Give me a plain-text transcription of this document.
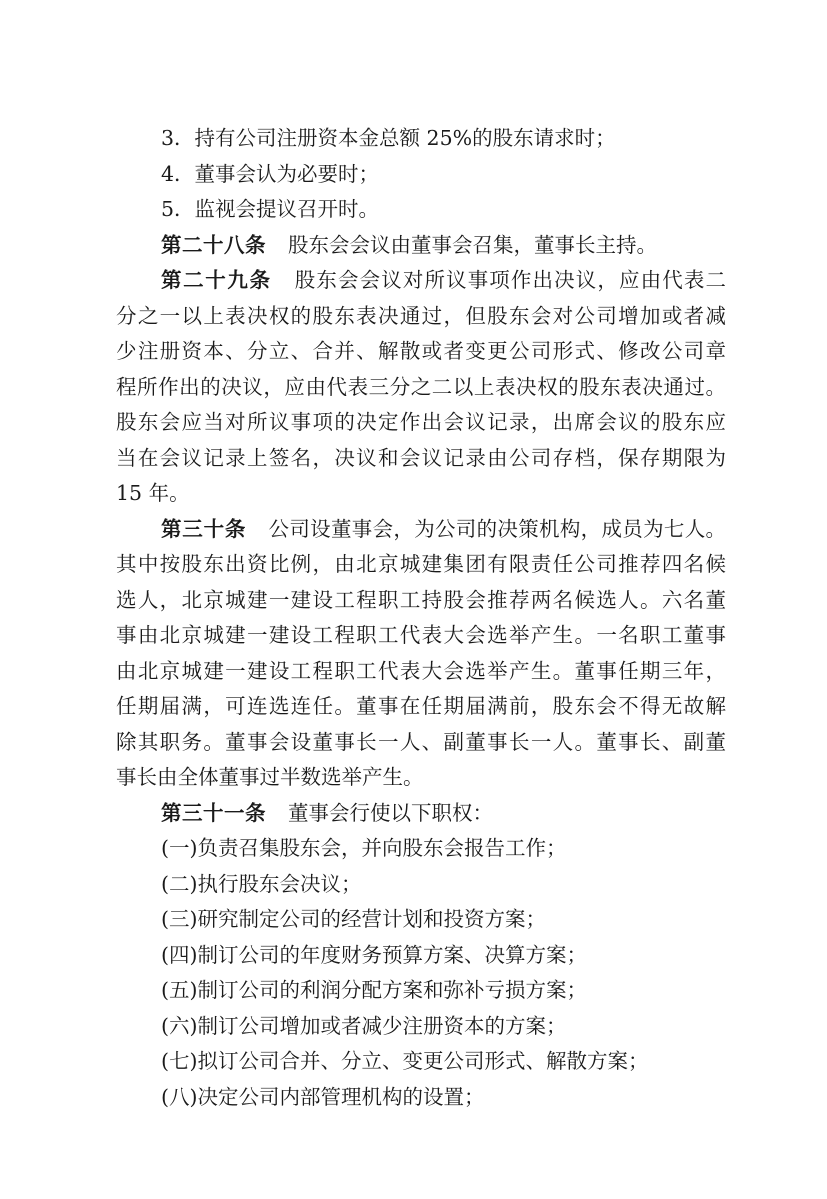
3．持有公司注册资本金总额 25%的股东请求时；
4．董事会认为必要时；
5．监视会提议召开时。
第二十八条 股东会会议由董事会召集，董事长主持。
第二十九条 股东会会议对所议事项作出决议，应由代表二
分之一以上表决权的股东表决通过，但股东会对公司增加或者减
少注册资本、分立、合并、解散或者变更公司形式、修改公司章
程所作出的决议，应由代表三分之二以上表决权的股东表决通过。
股东会应当对所议事项的决定作出会议记录，出席会议的股东应
当在会议记录上签名，决议和会议记录由公司存档，保存期限为
15 年。
第三十条 公司设董事会，为公司的决策机构，成员为七人。
其中按股东出资比例，由北京城建集团有限责任公司推荐四名候
选人，北京城建一建设工程职工持股会推荐两名候选人。六名董
事由北京城建一建设工程职工代表大会选举产生。一名职工董事
由北京城建一建设工程职工代表大会选举产生。董事任期三年，
任期届满，可连选连任。董事在任期届满前，股东会不得无故解
除其职务。董事会设董事长一人、副董事长一人。董事长、副董
事长由全体董事过半数选举产生。
第三十一条 董事会行使以下职权：
(一)负责召集股东会，并向股东会报告工作；
(二)执行股东会决议；
(三)研究制定公司的经营计划和投资方案；
(四)制订公司的年度财务预算方案、决算方案；
(五)制订公司的利润分配方案和弥补亏损方案；
(六)制订公司增加或者减少注册资本的方案；
(七)拟订公司合并、分立、变更公司形式、解散方案；
(八)决定公司内部管理机构的设置；
